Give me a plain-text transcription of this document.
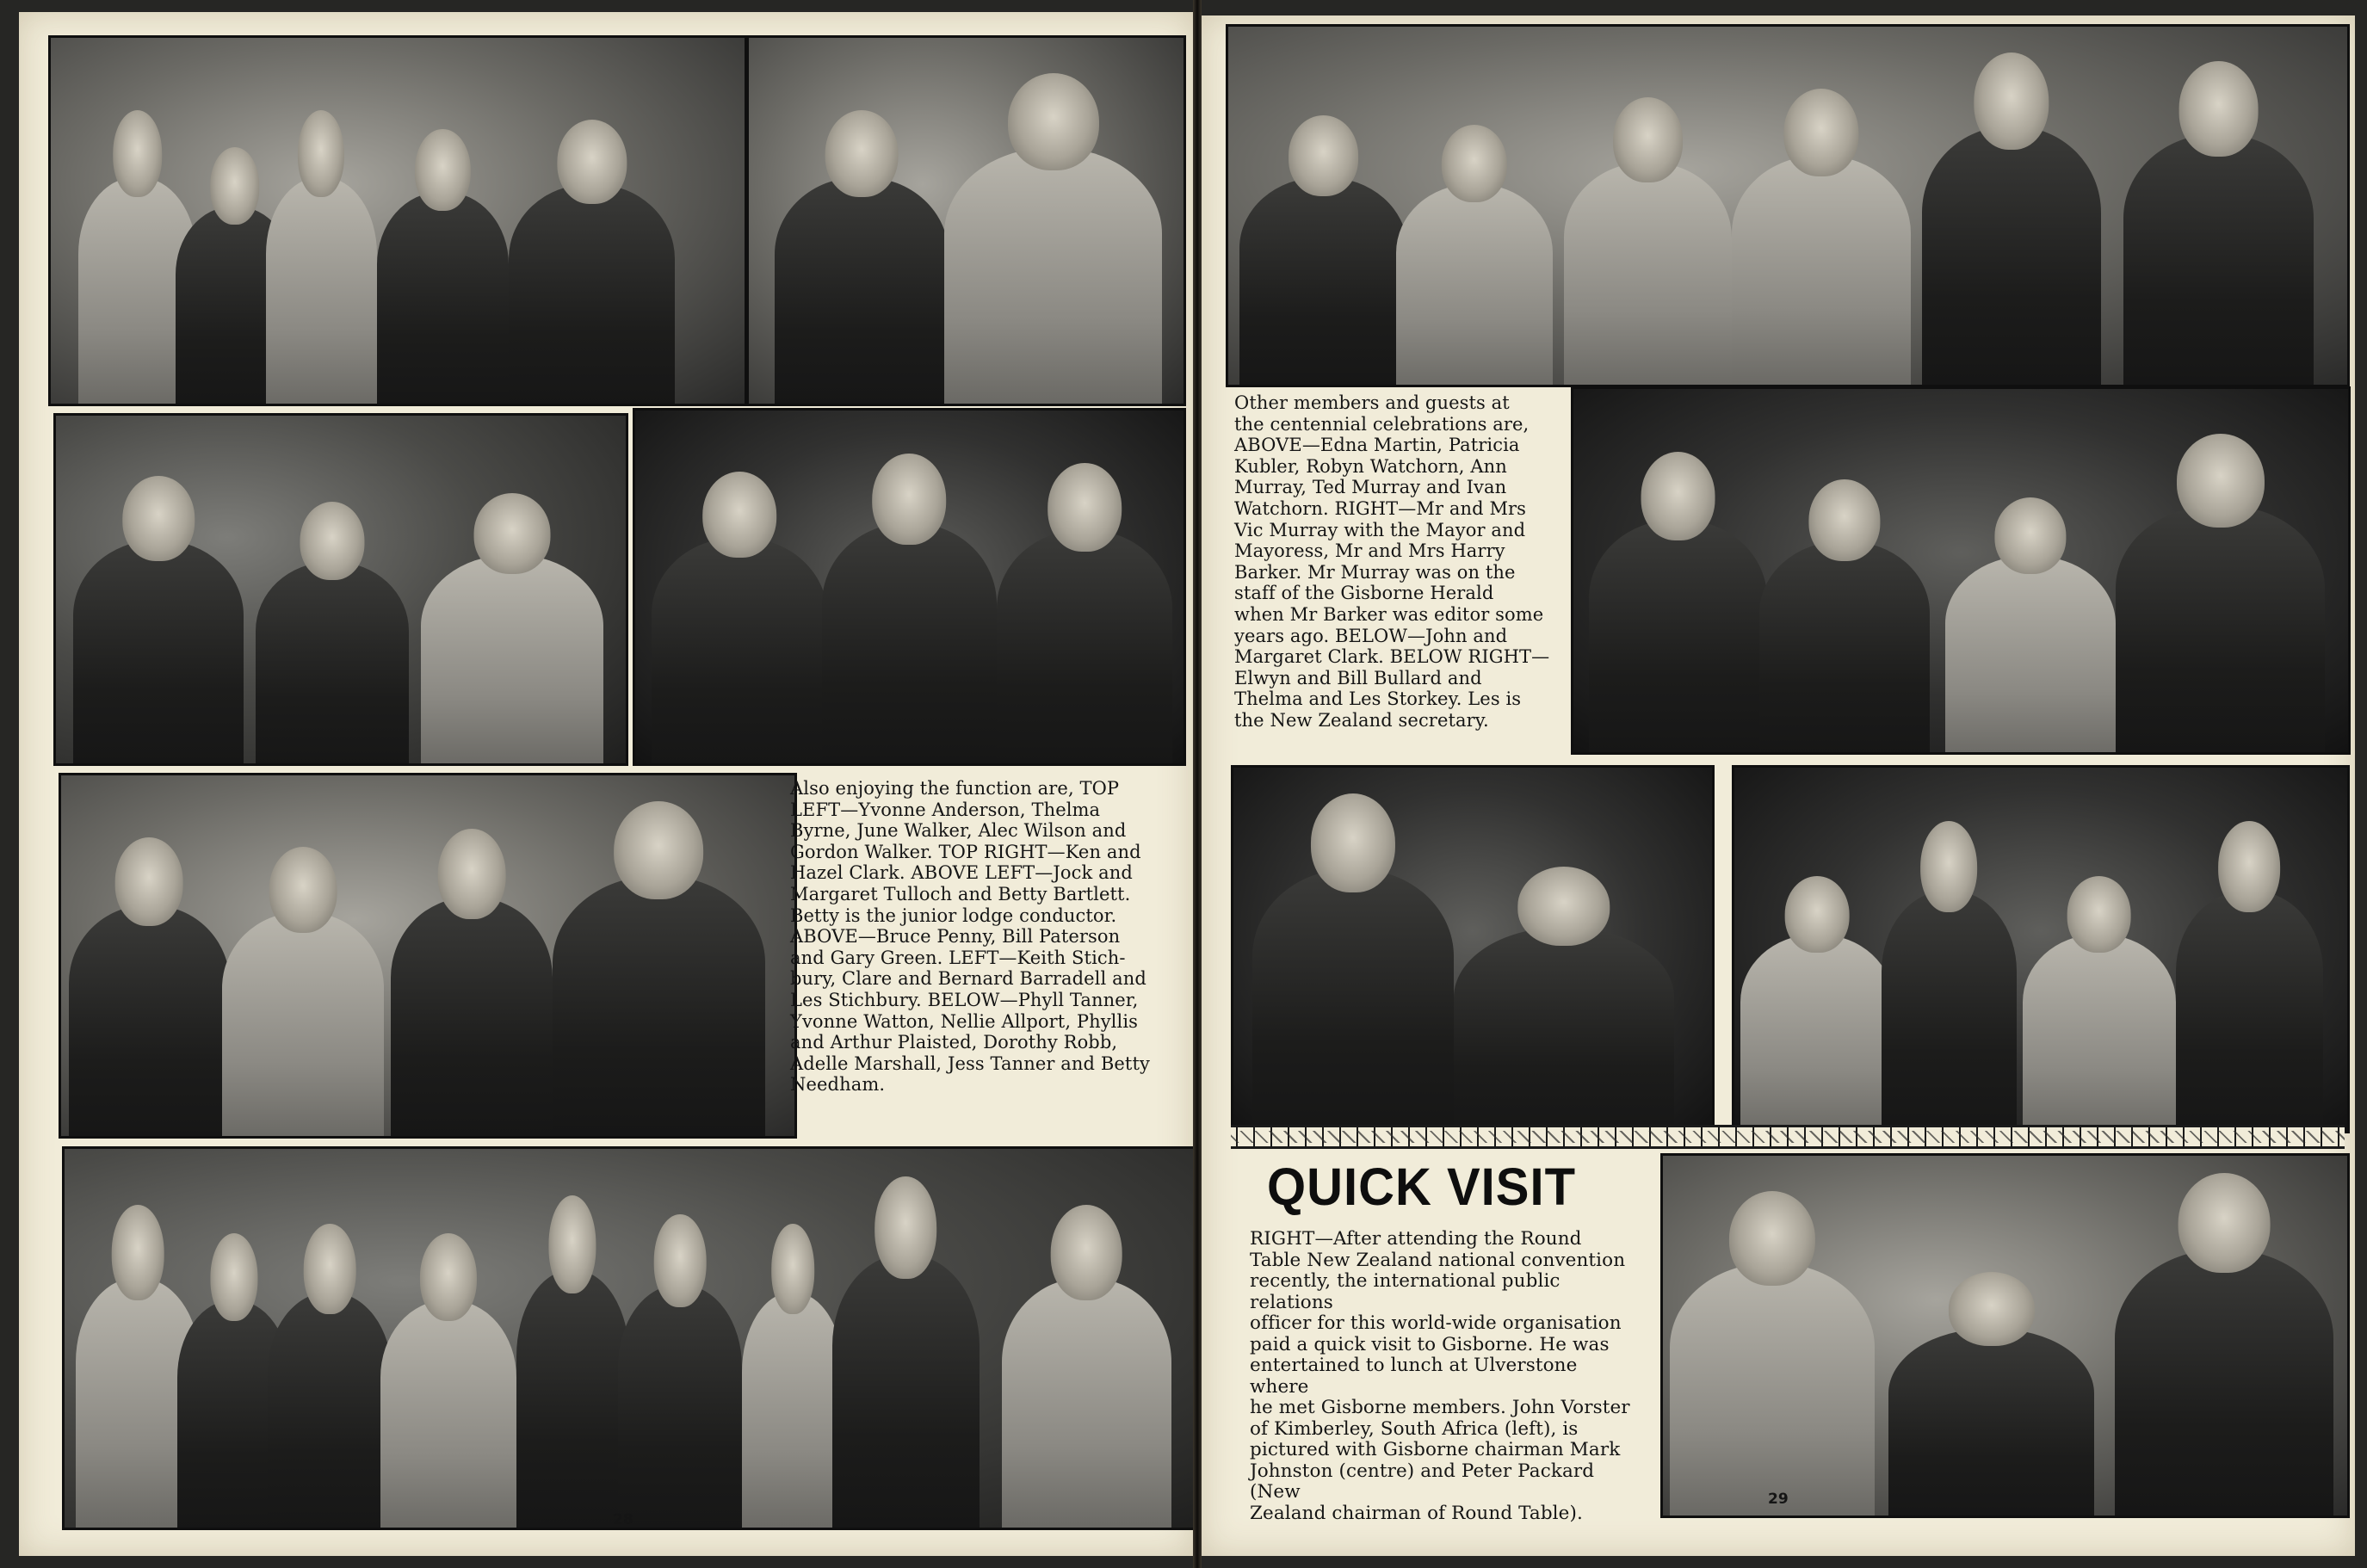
Also enjoying the function are, TOP
LEFT—Yvonne Anderson, Thelma
Byrne, June Walker, Alec Wilson and
Gordon Walker. TOP RIGHT—Ken and
Hazel Clark. ABOVE LEFT—Jock and
Margaret Tulloch and Betty Bartlett.
Betty is the junior lodge conductor.
ABOVE—Bruce Penny, Bill Paterson
and Gary Green. LEFT—Keith Stich-
bury, Clare and Bernard Barradell and
Les Stichbury. BELOW—Phyll Tanner,
Yvonne Watton, Nellie Allport, Phyllis
and Arthur Plaisted, Dorothy Robb,
Adelle Marshall, Jess Tanner and Betty
Needham.
28
Other members and guests at
the centennial celebrations are,
ABOVE—Edna Martin, Patricia
Kubler, Robyn Watchorn, Ann
Murray, Ted Murray and Ivan
Watchorn. RIGHT—Mr and Mrs
Vic Murray with the Mayor and
Mayoress, Mr and Mrs Harry
Barker. Mr Murray was on the
staff of the Gisborne Herald
when Mr Barker was editor some
years ago. BELOW—John and
Margaret Clark. BELOW RIGHT—
Elwyn and Bill Bullard and
Thelma and Les Storkey. Les is
the New Zealand secretary.
QUICK VISIT
RIGHT—After attending the Round
Table New Zealand national convention
recently, the international public relations
officer for this world-wide organisation
paid a quick visit to Gisborne. He was
entertained to lunch at Ulverstone where
he met Gisborne members. John Vorster
of Kimberley, South Africa (left), is
pictured with Gisborne chairman Mark
Johnston (centre) and Peter Packard (New
Zealand chairman of Round Table).
29
